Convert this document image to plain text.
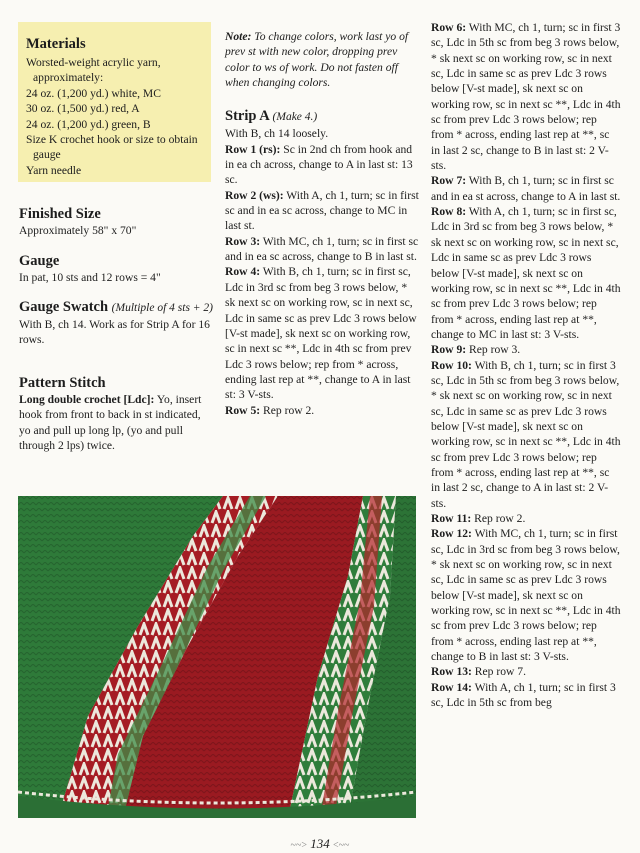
Materials
Worsted-weight acrylic yarn, approximately:
24 oz. (1,200 yd.) white, MC
30 oz. (1,500 yd.) red, A
24 oz. (1,200 yd.) green, B
Size K crochet hook or size to obtain gauge
Yarn needle

Finished Size

Approximately 58" x 70"

Gauge

In pat, 10 sts and 12 rows = 4"

Gauge Swatch (Multiple of 4 sts + 2)

With B, ch 14. Work as for Strip A for 16 rows.

Pattern Stitch

Long double crochet [Ldc]: Yo, insert hook from front to back in st indicated, yo and pull up long lp, (yo and pull through 2 lps) twice.

Note: To change colors, work last yo of prev st with new color, dropping prev color to ws of work. Do not fasten off when changing colors.

Strip A (Make 4.)

With B, ch 14 loosely.

Row 1 (rs): Sc in 2nd ch from hook and in ea ch across, change to A in last st: 13 sc.

Row 2 (ws): With A, ch 1, turn; sc in first sc and in ea sc across, change to MC in last st.

Row 3: With MC, ch 1, turn; sc in first sc and in ea sc across, change to B in last st.

Row 4: With B, ch 1, turn; sc in first sc, Ldc in 3rd sc from beg 3 rows below, * sk next sc on working row, sc in next sc, Ldc in same sc as prev Ldc 3 rows below [V-st made], sk next sc on working row, sc in next sc **, Ldc in 4th sc from prev Ldc 3 rows below; rep from * across, ending last rep at **, change to A in last st: 3 V-sts.

Row 5: Rep row 2.

Row 6: With MC, ch 1, turn; sc in first 3 sc, Ldc in 5th sc from beg 3 rows below, * sk next sc on working row, sc in next sc, Ldc in same sc as prev Ldc 3 rows below [V-st made], sk next sc on working row, sc in next sc **, Ldc in 4th sc from prev Ldc 3 rows below; rep from * across, ending last rep at **, sc in last 2 sc, change to B in last st: 2 V-sts.

Row 7: With B, ch 1, turn; sc in first sc and in ea st across, change to A in last st.

Row 8: With A, ch 1, turn; sc in first sc, Ldc in 3rd sc from beg 3 rows below, * sk next sc on working row, sc in next sc, Ldc in same sc as prev Ldc 3 rows below [V-st made], sk next sc on working row, sc in next sc **, Ldc in 4th sc from prev Ldc 3 rows below; rep from * across, ending last rep at **, change to MC in last st: 3 V-sts.

Row 9: Rep row 3.

Row 10: With B, ch 1, turn; sc in first 3 sc, Ldc in 5th sc from beg 3 rows below, * sk next sc on working row, sc in next sc, Ldc in same sc as prev Ldc 3 rows below [V-st made], sk next sc on working row, sc in next sc **, Ldc in 4th sc from prev Ldc 3 rows below; rep from * across, ending last rep at **, sc in last 2 sc, change to A in last st: 2 V-sts.

Row 11: Rep row 2.

Row 12: With MC, ch 1, turn; sc in first sc, Ldc in 3rd sc from beg 3 rows below, * sk next sc on working row, sc in next sc, Ldc in same sc as prev Ldc 3 rows below [V-st made], sk next sc on working row, sc in next sc **, Ldc in 4th sc from prev Ldc 3 rows below; rep from * across, ending last rep at **, change to B in last st: 3 V-sts.

Row 13: Rep row 7.

Row 14: With A, ch 1, turn; sc in first 3 sc, Ldc in 5th sc from beg

~~> 134 <~~
